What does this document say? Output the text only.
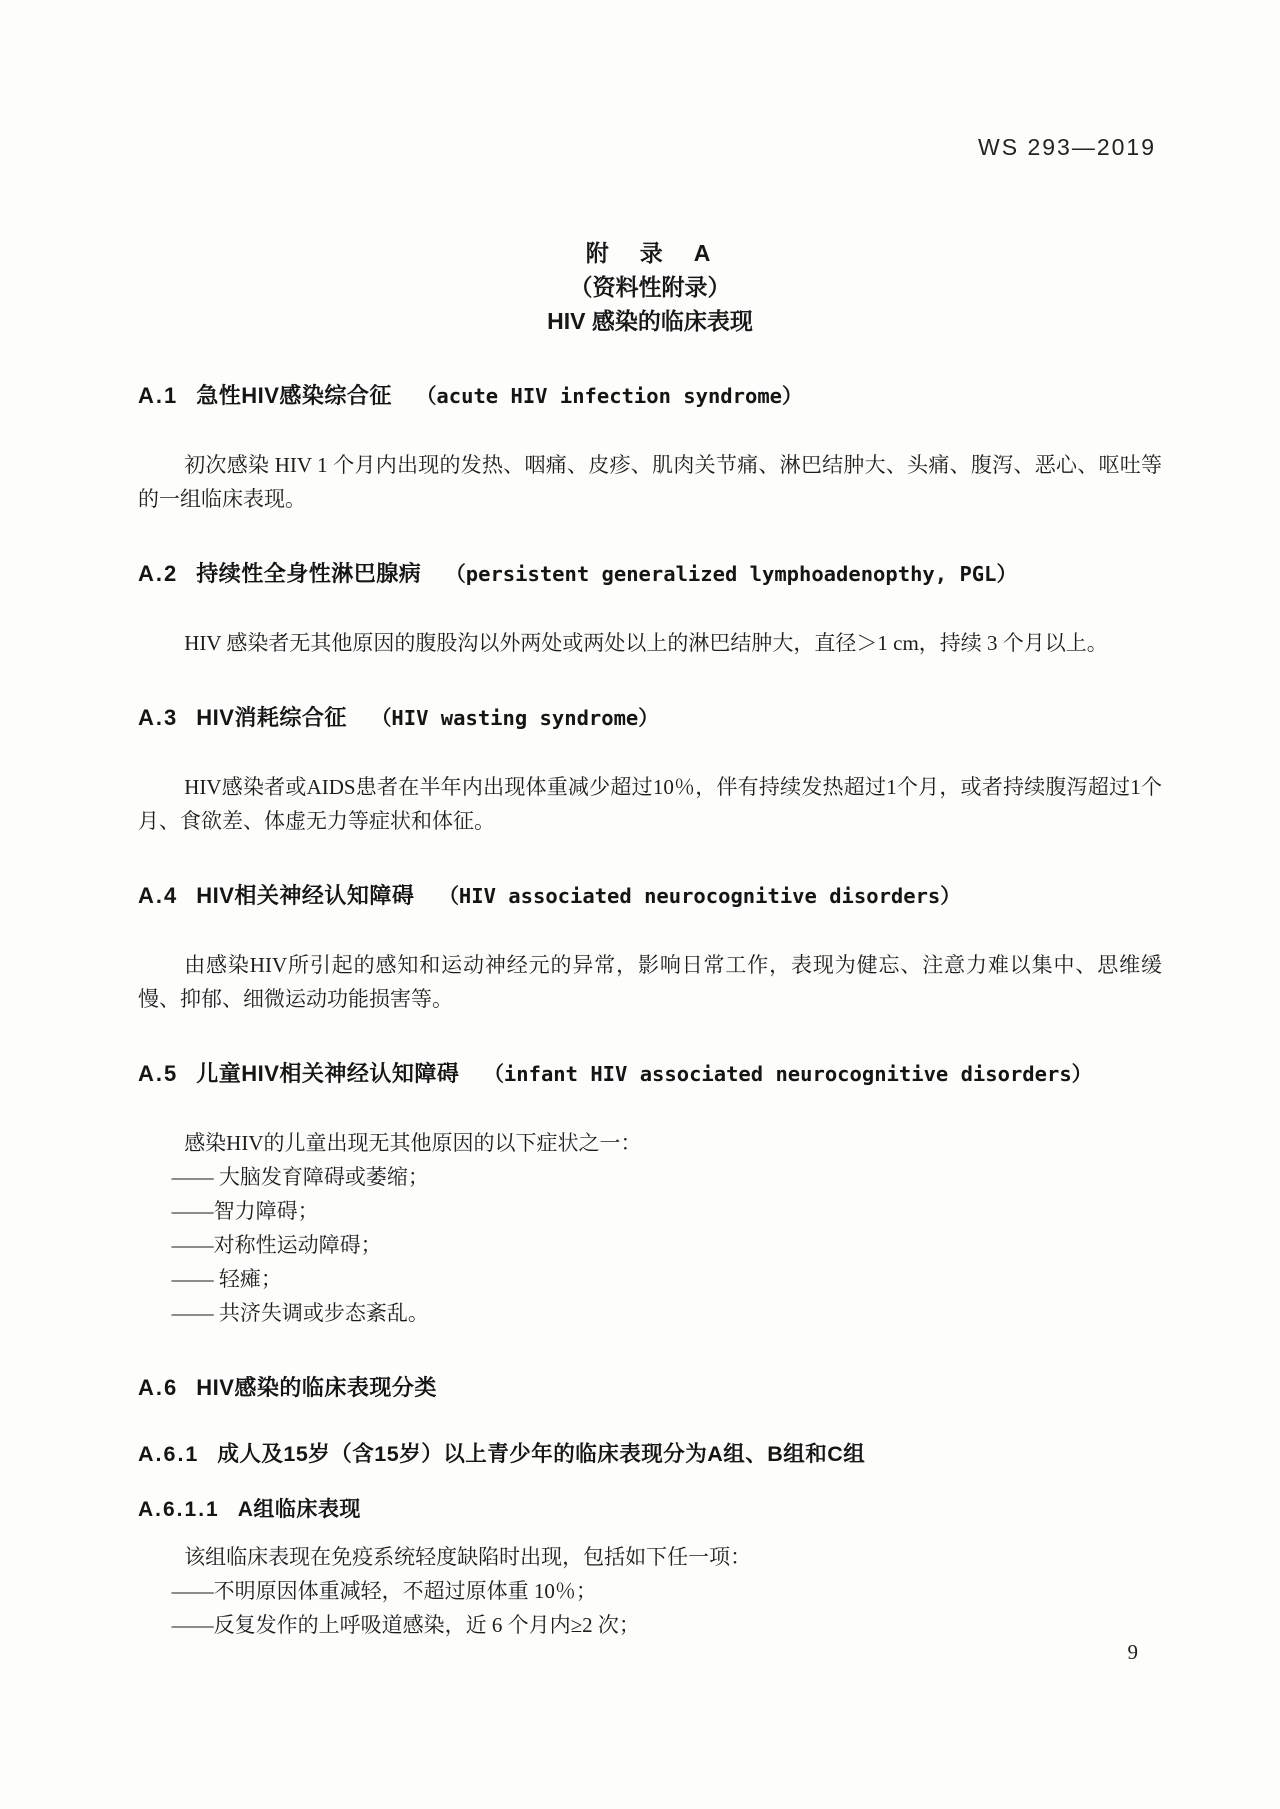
WS 293—2019
附　录　A
（资料性附录）
HIV 感染的临床表现
A.1 急性HIV感染综合征 （acute HIV infection syndrome）

初次感染 HIV 1 个月内出现的发热、咽痛、皮疹、肌肉关节痛、淋巴结肿大、头痛、腹泻、恶心、呕吐等的一组临床表现。

A.2 持续性全身性淋巴腺病 （persistent generalized lymphoadenopthy, PGL）

HIV 感染者无其他原因的腹股沟以外两处或两处以上的淋巴结肿大，直径＞1 cm，持续 3 个月以上。

A.3 HIV消耗综合征 （HIV wasting syndrome）

HIV感染者或AIDS患者在半年内出现体重减少超过10％，伴有持续发热超过1个月，或者持续腹泻超过1个月、食欲差、体虚无力等症状和体征。

A.4 HIV相关神经认知障碍 （HIV associated neurocognitive disorders）

由感染HIV所引起的感知和运动神经元的异常，影响日常工作，表现为健忘、注意力难以集中、思维缓慢、抑郁、细微运动功能损害等。

A.5 儿童HIV相关神经认知障碍 （infant HIV associated neurocognitive disorders）

感染HIV的儿童出现无其他原因的以下症状之一：

—— 大脑发育障碍或萎缩；
——智力障碍；
——对称性运动障碍；
—— 轻瘫；
—— 共济失调或步态紊乱。
A.6 HIV感染的临床表现分类
A.6.1 成人及15岁（含15岁）以上青少年的临床表现分为A组、B组和C组
A.6.1.1 A组临床表现

该组临床表现在免疫系统轻度缺陷时出现，包括如下任一项：

——不明原因体重减轻，不超过原体重 10％；
——反复发作的上呼吸道感染，近 6 个月内≥2 次；
9
